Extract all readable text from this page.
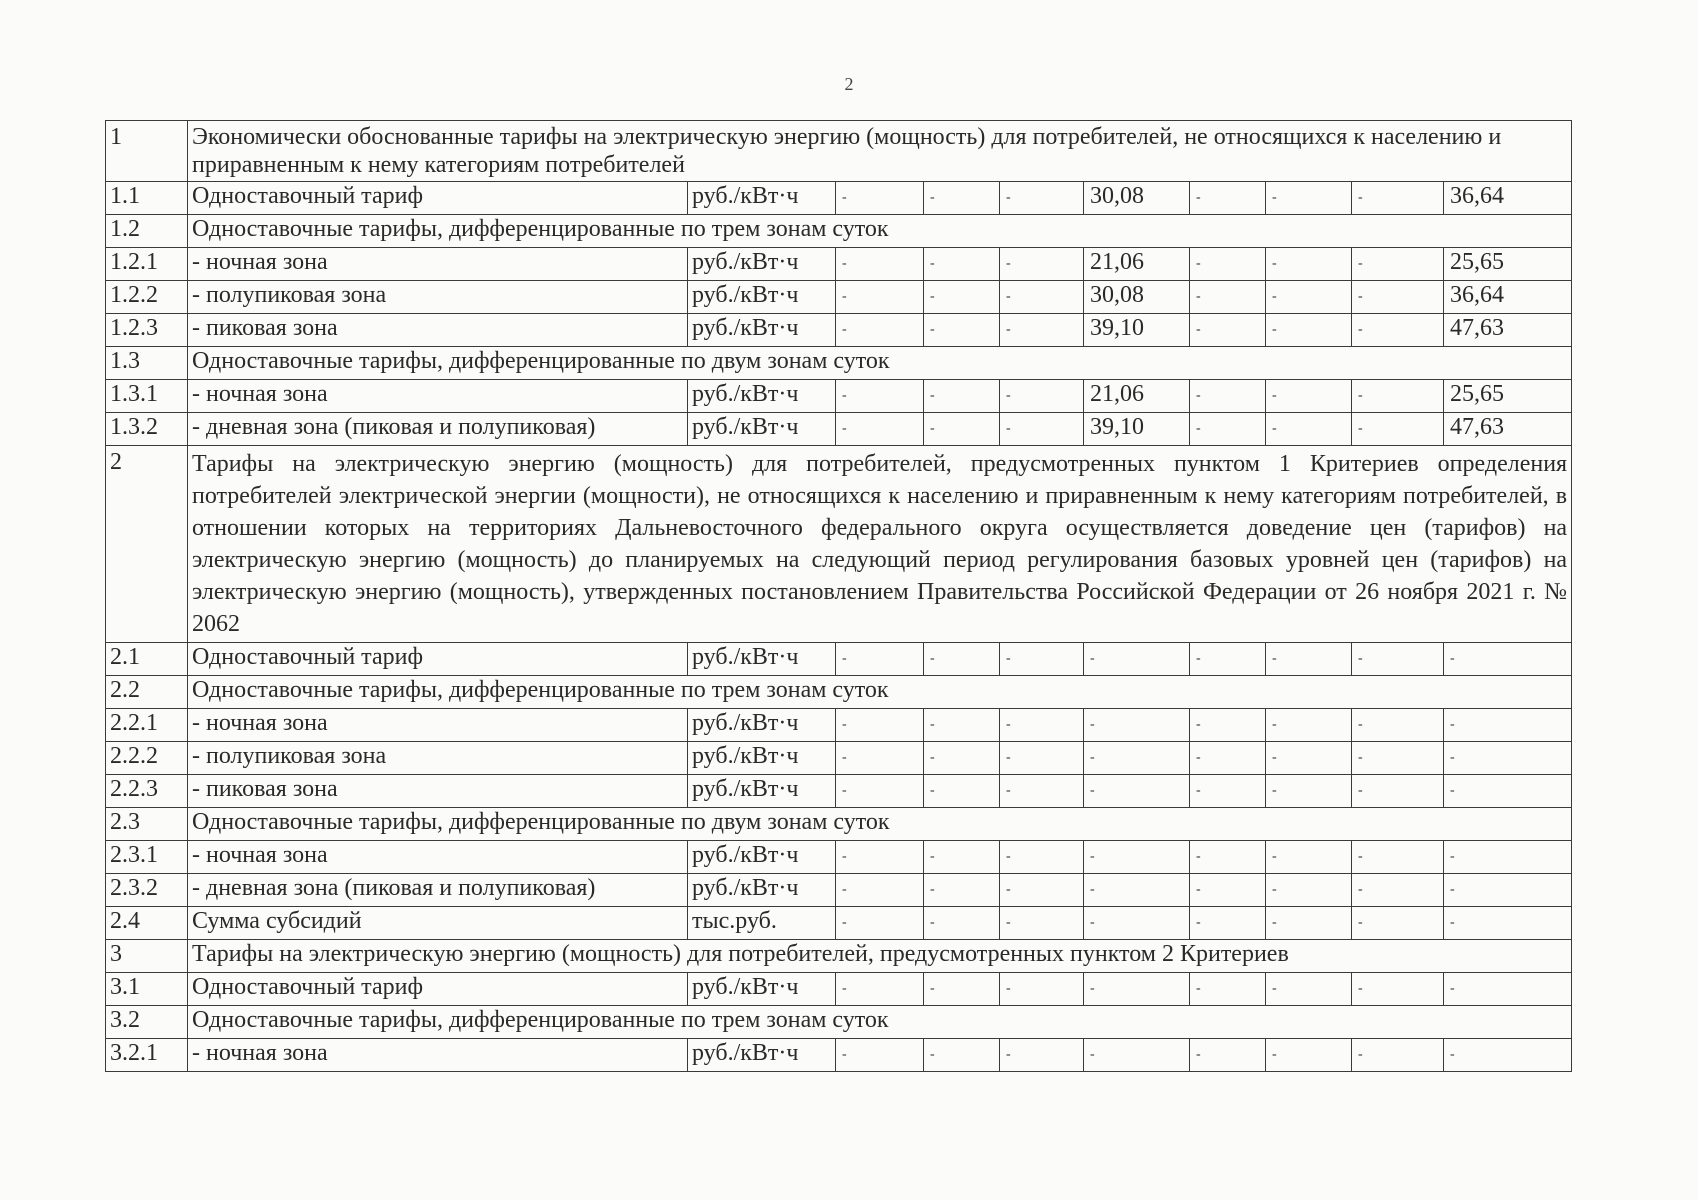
2
1	Экономически обоснованные тарифы на электрическую энергию (мощность) для потребителей, не относящихся к населению и приравненным к нему категориям потребителей									
1.1	Одноставочный тариф	руб./кВт·ч	-	-	-	30,08	-	-	-	36,64
1.2	Одноставочные тарифы, дифференцированные по трем зонам суток									
1.2.1	- ночная зона	руб./кВт·ч	-	-	-	21,06	-	-	-	25,65
1.2.2	- полупиковая зона	руб./кВт·ч	-	-	-	30,08	-	-	-	36,64
1.2.3	- пиковая зона	руб./кВт·ч	-	-	-	39,10	-	-	-	47,63
1.3	Одноставочные тарифы, дифференцированные по двум зонам суток									
1.3.1	- ночная зона	руб./кВт·ч	-	-	-	21,06	-	-	-	25,65
1.3.2	- дневная зона (пиковая и полупиковая)	руб./кВт·ч	-	-	-	39,10	-	-	-	47,63
2	Тарифы на электрическую энергию (мощность) для потребителей, предусмотренных пунктом 1 Критериев определения потребителей электрической энергии (мощности), не относящихся к населению и приравненным к нему категориям потребителей, в отношении которых на территориях Дальневосточного федерального округа осуществляется доведение цен (тарифов) на электрическую энергию (мощность) до планируемых на следующий период регулирования базовых уровней цен (тарифов) на электрическую энергию (мощность), утвержденных постановлением Правительства Российской Федерации от 26 ноября 2021 г. № 2062									
2.1	Одноставочный тариф	руб./кВт·ч	-	-	-	-	-	-	-	-
2.2	Одноставочные тарифы, дифференцированные по трем зонам суток									
2.2.1	- ночная зона	руб./кВт·ч	-	-	-	-	-	-	-	-
2.2.2	- полупиковая зона	руб./кВт·ч	-	-	-	-	-	-	-	-
2.2.3	- пиковая зона	руб./кВт·ч	-	-	-	-	-	-	-	-
2.3	Одноставочные тарифы, дифференцированные по двум зонам суток									
2.3.1	- ночная зона	руб./кВт·ч	-	-	-	-	-	-	-	-
2.3.2	- дневная зона (пиковая и полупиковая)	руб./кВт·ч	-	-	-	-	-	-	-	-
2.4	Сумма субсидий	тыс.руб.	-	-	-	-	-	-	-	-
3	Тарифы на электрическую энергию (мощность) для потребителей, предусмотренных пунктом 2 Критериев									
3.1	Одноставочный тариф	руб./кВт·ч	-	-	-	-	-	-	-	-
3.2	Одноставочные тарифы, дифференцированные по трем зонам суток									
3.2.1	- ночная зона	руб./кВт·ч	-	-	-	-	-	-	-	-
